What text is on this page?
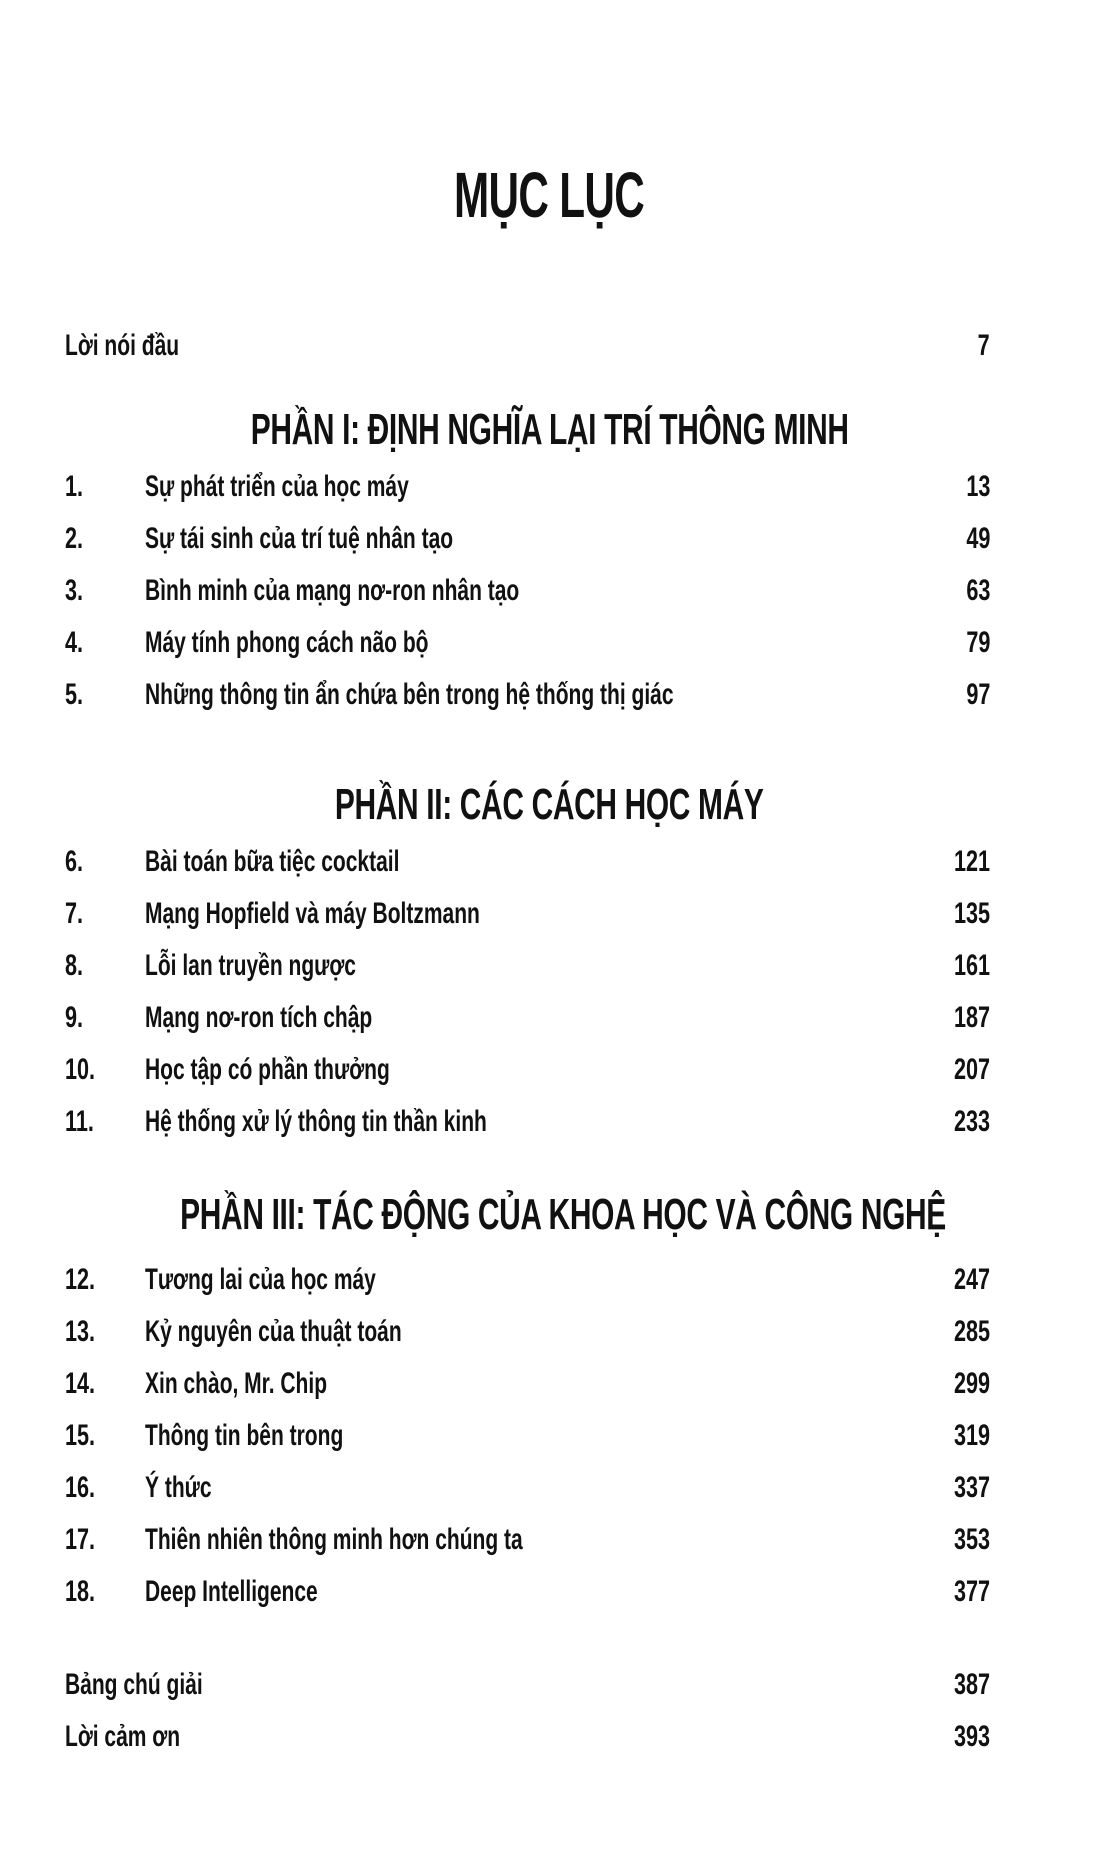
MỤC LỤC
Lời nói đầu	7
PHẦN I: ĐỊNH NGHĨA LẠI TRÍ THÔNG MINH
1. Sự phát triển của học máy	13
2. Sự tái sinh của trí tuệ nhân tạo	49
3. Bình minh của mạng nơ-ron nhân tạo	63
4. Máy tính phong cách não bộ	79
5. Những thông tin ẩn chứa bên trong hệ thống thị giác	97
PHẦN II: CÁC CÁCH HỌC MÁY
6. Bài toán bữa tiệc cocktail	121
7. Mạng Hopfield và máy Boltzmann	135
8. Lỗi lan truyền ngược	161
9. Mạng nơ-ron tích chập	187
10. Học tập có phần thưởng	207
11. Hệ thống xử lý thông tin thần kinh	233
PHẦN III: TÁC ĐỘNG CỦA KHOA HỌC VÀ CÔNG NGHỆ
12. Tương lai của học máy	247
13. Kỷ nguyên của thuật toán	285
14. Xin chào, Mr. Chip	299
15. Thông tin bên trong	319
16. Ý thức	337
17. Thiên nhiên thông minh hơn chúng ta	353
18. Deep Intelligence	377
Bảng chú giải	387
Lời cảm ơn	393
